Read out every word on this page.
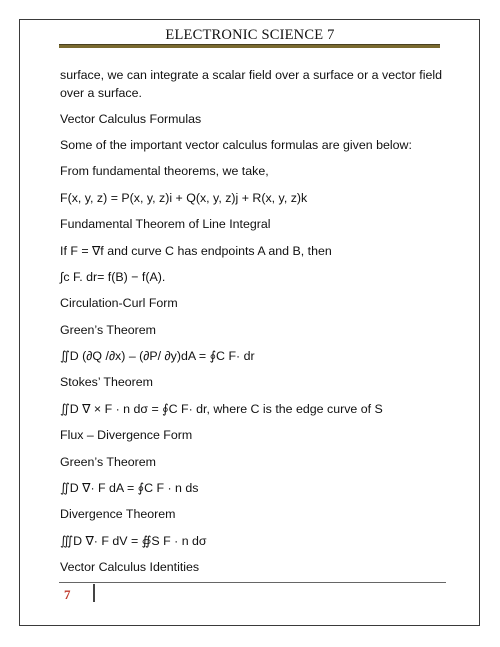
ELECTRONIC SCIENCE 7

surface, we can integrate a scalar field over a surface or a vector field over a surface.

Vector Calculus Formulas

Some of the important vector calculus formulas are given below:

From fundamental theorems, we take,

F(x, y, z) = P(x, y, z)i + Q(x, y, z)j + R(x, y, z)k

Fundamental Theorem of Line Integral

If F = ∇f and curve C has endpoints A and B, then

∫c F. dr= f(B) − f(A).

Circulation-Curl Form

Green’s Theorem

∬D (∂Q /∂x) – (∂P/ ∂y)dA = ∮C F· dr

Stokes’ Theorem

∬D ∇ × F · n dσ = ∮C F· dr, where C is the edge curve of S

Flux – Divergence Form

Green’s Theorem

∬D ∇· F dA = ∮C F · n ds

Divergence Theorem

∭D ∇· F dV = ∯S F · n dσ

Vector Calculus Identities

7
